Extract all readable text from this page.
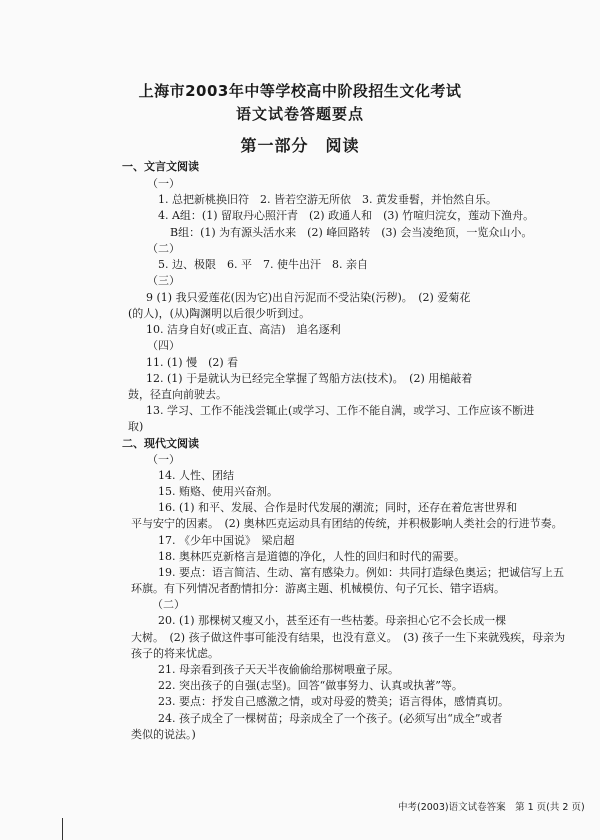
上海市2003年中等学校高中阶段招生文化考试
语文试卷答题要点
第一部分　阅读
一、文言文阅读
（一）
1. 总把新桃换旧符　2. 皆若空游无所依　3. 黄发垂髫，并怡然自乐。
4. A组：(1) 留取丹心照汗青　(2) 政通人和　(3) 竹喧归浣女，莲动下渔舟。
B组：(1) 为有源头活水来　(2) 峰回路转　(3) 会当凌绝顶，一览众山小。
（二）
5. 边、极限　6. 平　7. 使牛出汗　8. 亲自
（三）
9 (1) 我只爱莲花(因为它)出自污泥而不受沾染(污秽)。　(2) 爱菊花
(的人)，(从)陶渊明以后很少听到过。
10. 洁身自好(或正直、高洁)　追名逐利
（四）
11. (1) 慢　(2) 看
12. (1) 于是就认为已经完全掌握了驾船方法(技术)。　(2) 用槌敲着
鼓，径直向前驶去。
13. 学习、工作不能浅尝辄止(或学习、工作不能自满，或学习、工作应该不断进
取)
二、现代文阅读
（一）
14. 人性、团结
15. 贿赂、使用兴奋剂。
16. (1) 和平、发展、合作是时代发展的潮流；同时，还存在着危害世界和
平与安宁的因素。　(2) 奥林匹克运动具有团结的传统，并积极影响人类社会的行进节奏。
17. 《少年中国说》　梁启超
18. 奥林匹克新格言是道德的净化，人性的回归和时代的需要。
19. 要点：语言简洁、生动、富有感染力。例如：共同打造绿色奥运；把诚信写上五
环旗。有下列情况者酌情扣分：游离主题、机械模仿、句子冗长、错字语病。
（二）
20. (1) 那棵树又瘦又小，甚至还有一些枯萎。母亲担心它不会长成一棵
大树。　(2) 孩子做这件事可能没有结果，也没有意义。　(3) 孩子一生下来就残疾，母亲为
孩子的将来忧虑。
21. 母亲看到孩子天天半夜偷偷给那树喂童子尿。
22. 突出孩子的自强(志坚)。回答“做事努力、认真或执著”等。
23. 要点：抒发自己感激之情，或对母爱的赞美；语言得体，感情真切。
24. 孩子成全了一棵树苗；母亲成全了一个孩子。(必须写出“成全”或者
类似的说法。)
中考(2003)语文试卷答案　第 1 页(共 2 页)
